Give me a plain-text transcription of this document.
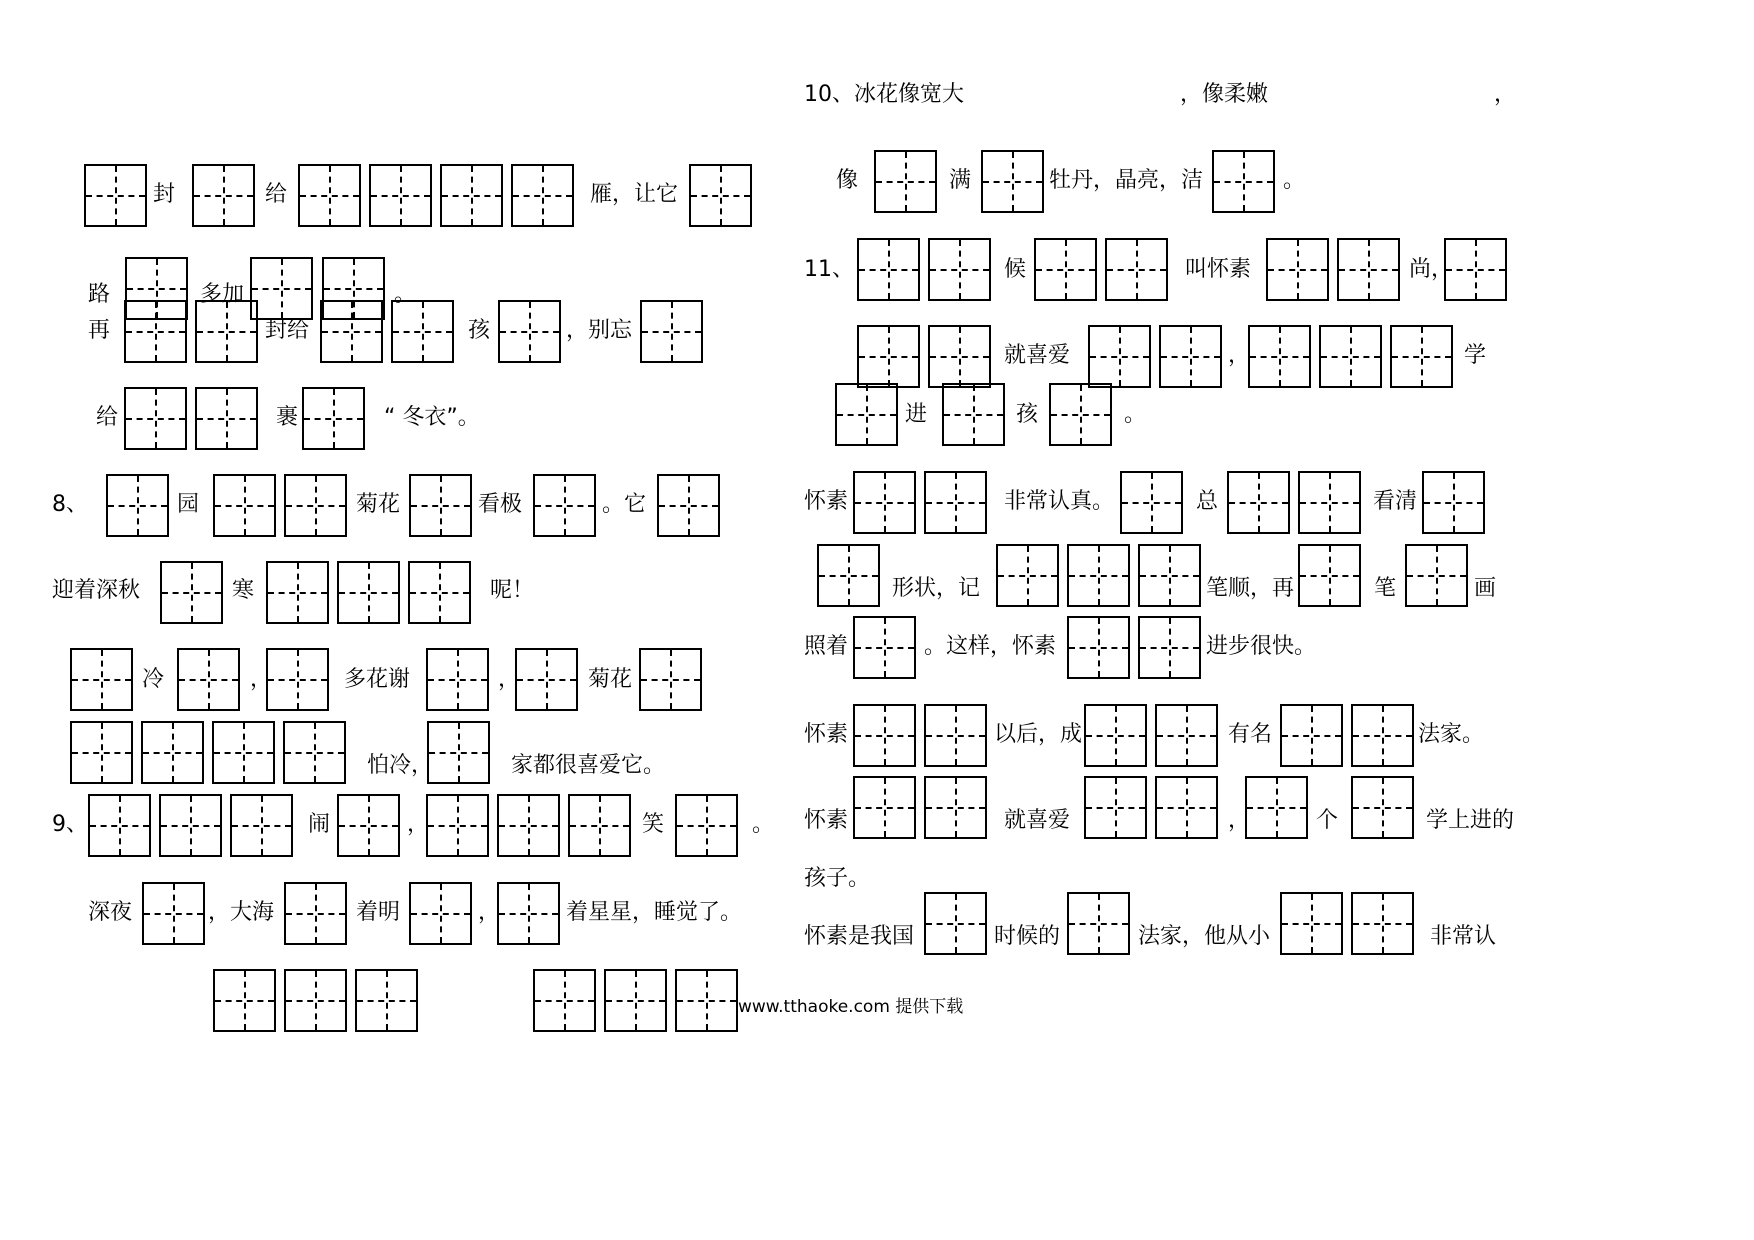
封	给	雁，让它
路	多加	。
再	封给	孩	，别忘
给	裹	“ 冬衣”。
8、	园	菊花	看极	。它
迎着深秋	寒	呢！
冷	，	多花谢	，	菊花
怕冷，	家都很喜爱它。
9、	闹	，	笑	。
深夜	，大海	着明	，	着星星，睡觉了。
www.tthaoke.com 提供下载
10、冰花像宽大	，像柔嫩	，
像	满	牡丹，晶亮，洁	。
11、	候	叫怀素	尚，
就喜爱	，	学
进	孩	。
怀素	非常认真。	总	看清
形状，记	笔顺，再	笔	画
照着	。这样，怀素	进步很快。
怀素	以后，成	有名	法家。
怀素	就喜爱	，	个	学上进的
孩子。
怀素是我国	时候的	法家，他从小	非常认
